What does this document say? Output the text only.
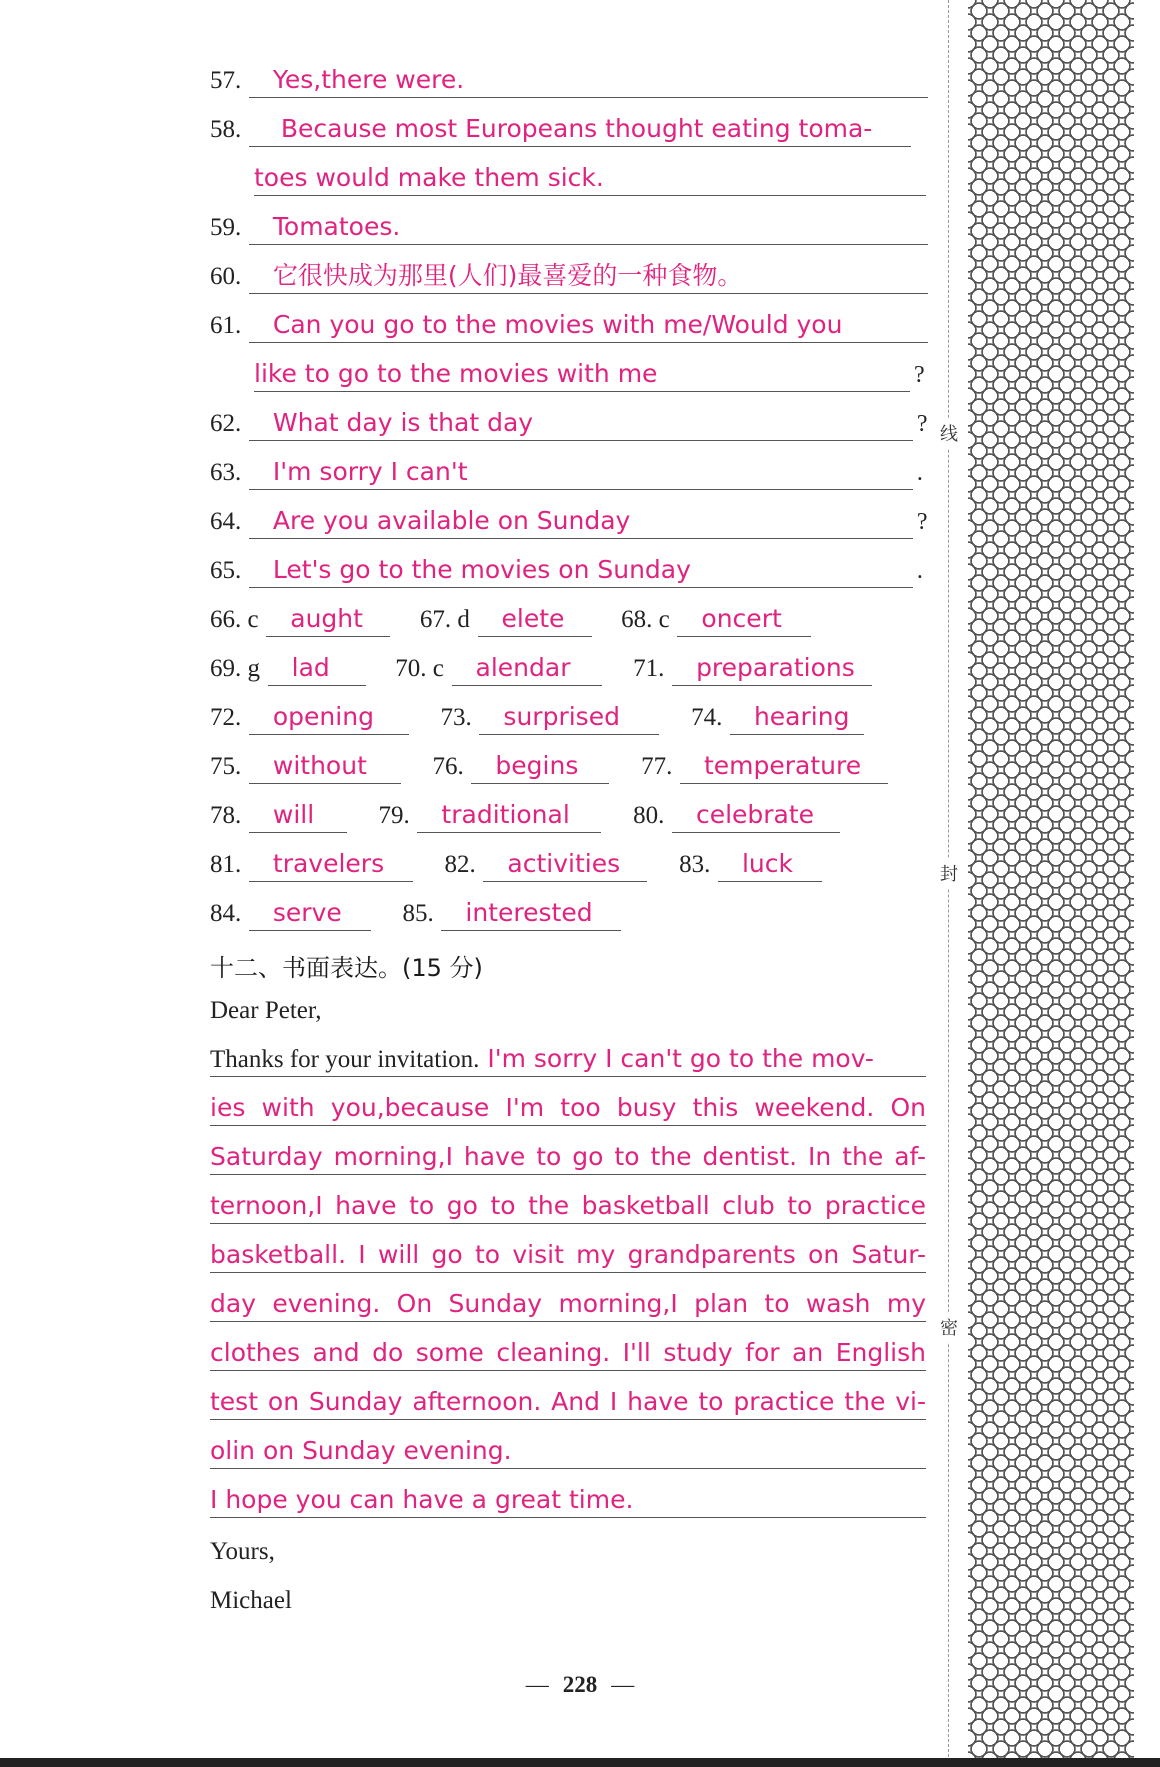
57. Yes,there were.
58. Because most Europeans thought eating toma-
toes would make them sick.
59. Tomatoes.
60. 它很快成为那里(人们)最喜爱的一种食物。
61. Can you go to the movies with me/Would you
like to go to the movies with me	?
62. What day is that day	?
63. I'm sorry I can't	.
64. Are you available on Sunday	?
65. Let's go to the movies on Sunday	.
66. c aught 67. d elete 68. c oncert
69. g lad	70. c alendar	71. preparations
72. opening	73. surprised	74. hearing
75. without	76. begins	77. temperature
78. will	79. traditional	80. celebrate
81. travelers 82. activities 83. luck
84. serve 85. interested
十二、书面表达。(15 分)
Dear Peter,
Thanks for your invitation. I'm sorry I can't go to the mov-
ies with you,because I'm too busy this weekend. On
Saturday morning,I have to go to the dentist. In the af-
ternoon,I have to go to the basketball club to practice
basketball. I will go to visit my grandparents on Satur-
day evening. On Sunday morning,I plan to wash my
clothes and do some cleaning. I'll study for an English
test on Sunday afternoon. And I have to practice the vi-
olin on Sunday evening.
I hope you can have a great time.
Yours,
Michael
— 228 —
线
封
密
